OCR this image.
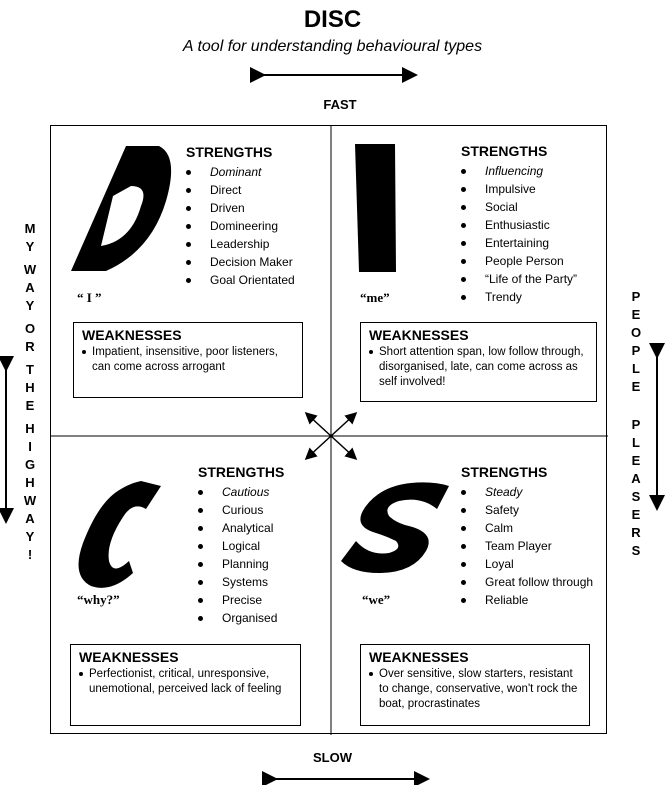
DISC
A tool for understanding behavioural types
FAST
SLOW
M
Y
W
A
Y
O
R
T
H
E
H
I
G
H
W
A
Y
!
P
E
O
P
L
E
P
L
E
A
S
E
R
S
“ I ”
STRENGTHS
Dominant
Direct
Driven
Domineering
Leadership
Decision Maker
Goal Orientated
WEAKNESSES
Impatient, insensitive, poor listeners, can come across arrogant
“me”
STRENGTHS
Influencing
Impulsive
Social
Enthusiastic
Entertaining
People Person
“Life of the Party”
Trendy
WEAKNESSES
Short attention span, low follow through, disorganised, late, can come across as self involved!
“why?”
STRENGTHS
Cautious
Curious
Analytical
Logical
Planning
Systems
Precise
Organised
WEAKNESSES
Perfectionist, critical, unresponsive, unemotional, perceived lack of feeling
“we”
STRENGTHS
Steady
Safety
Calm
Team Player
Loyal
Great follow through
Reliable
WEAKNESSES
Over sensitive, slow starters, resistant to change, conservative, won't rock the boat, procrastinates
